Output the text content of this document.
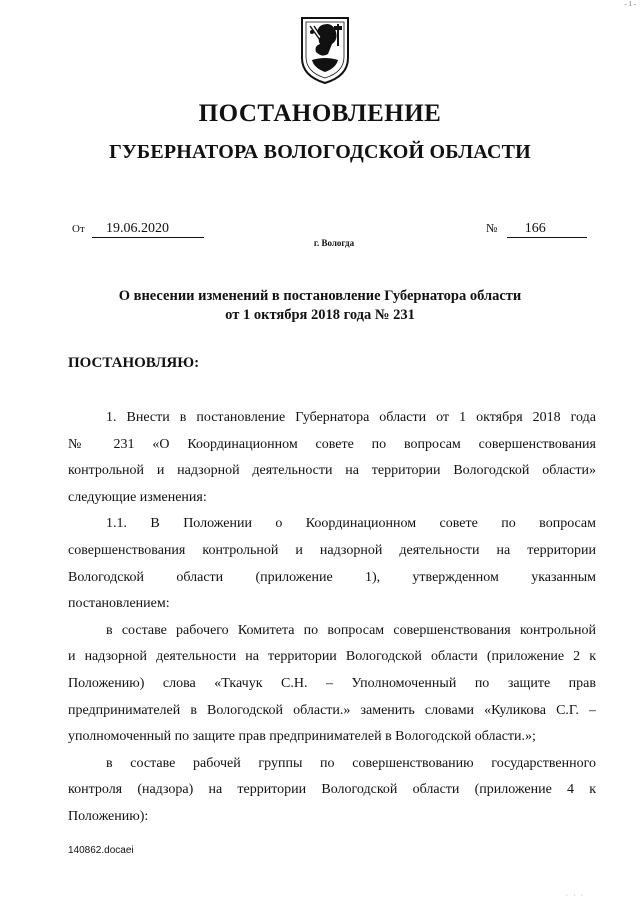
- 1 -
ПОСТАНОВЛЕНИЕ
ГУБЕРНАТОРА ВОЛОГОДСКОЙ ОБЛАСТИ
От 19.06.2020	№ 166
г. Вологда
О внесении изменений в постановление Губернатора области
от 1 октября 2018 года № 231
ПОСТАНОВЛЯЮ:

1. Внести в постановление Губернатора области от 1 октября 2018 года
№ 231 «О Координационном совете по вопросам совершенствования
контрольной и надзорной деятельности на территории Вологодской области»
следующие изменения:

1.1. В Положении о Координационном совете по вопросам
совершенствования контрольной и надзорной деятельности на территории
Вологодской области (приложение 1), утвержденном указанным
постановлением:

в составе рабочего Комитета по вопросам совершенствования контрольной
и надзорной деятельности на территории Вологодской области (приложение 2 к
Положению) слова «Ткачук С.Н. – Уполномоченный по защите прав
предпринимателей в Вологодской области.» заменить словами «Куликова С.Г. –
уполномоченный по защите прав предпринимателей в Вологодской области.»;

в составе рабочей группы по совершенствованию государственного
контроля (надзора) на территории Вологодской области (приложение 4 к
Положению):

140862.docaei
· · ·
